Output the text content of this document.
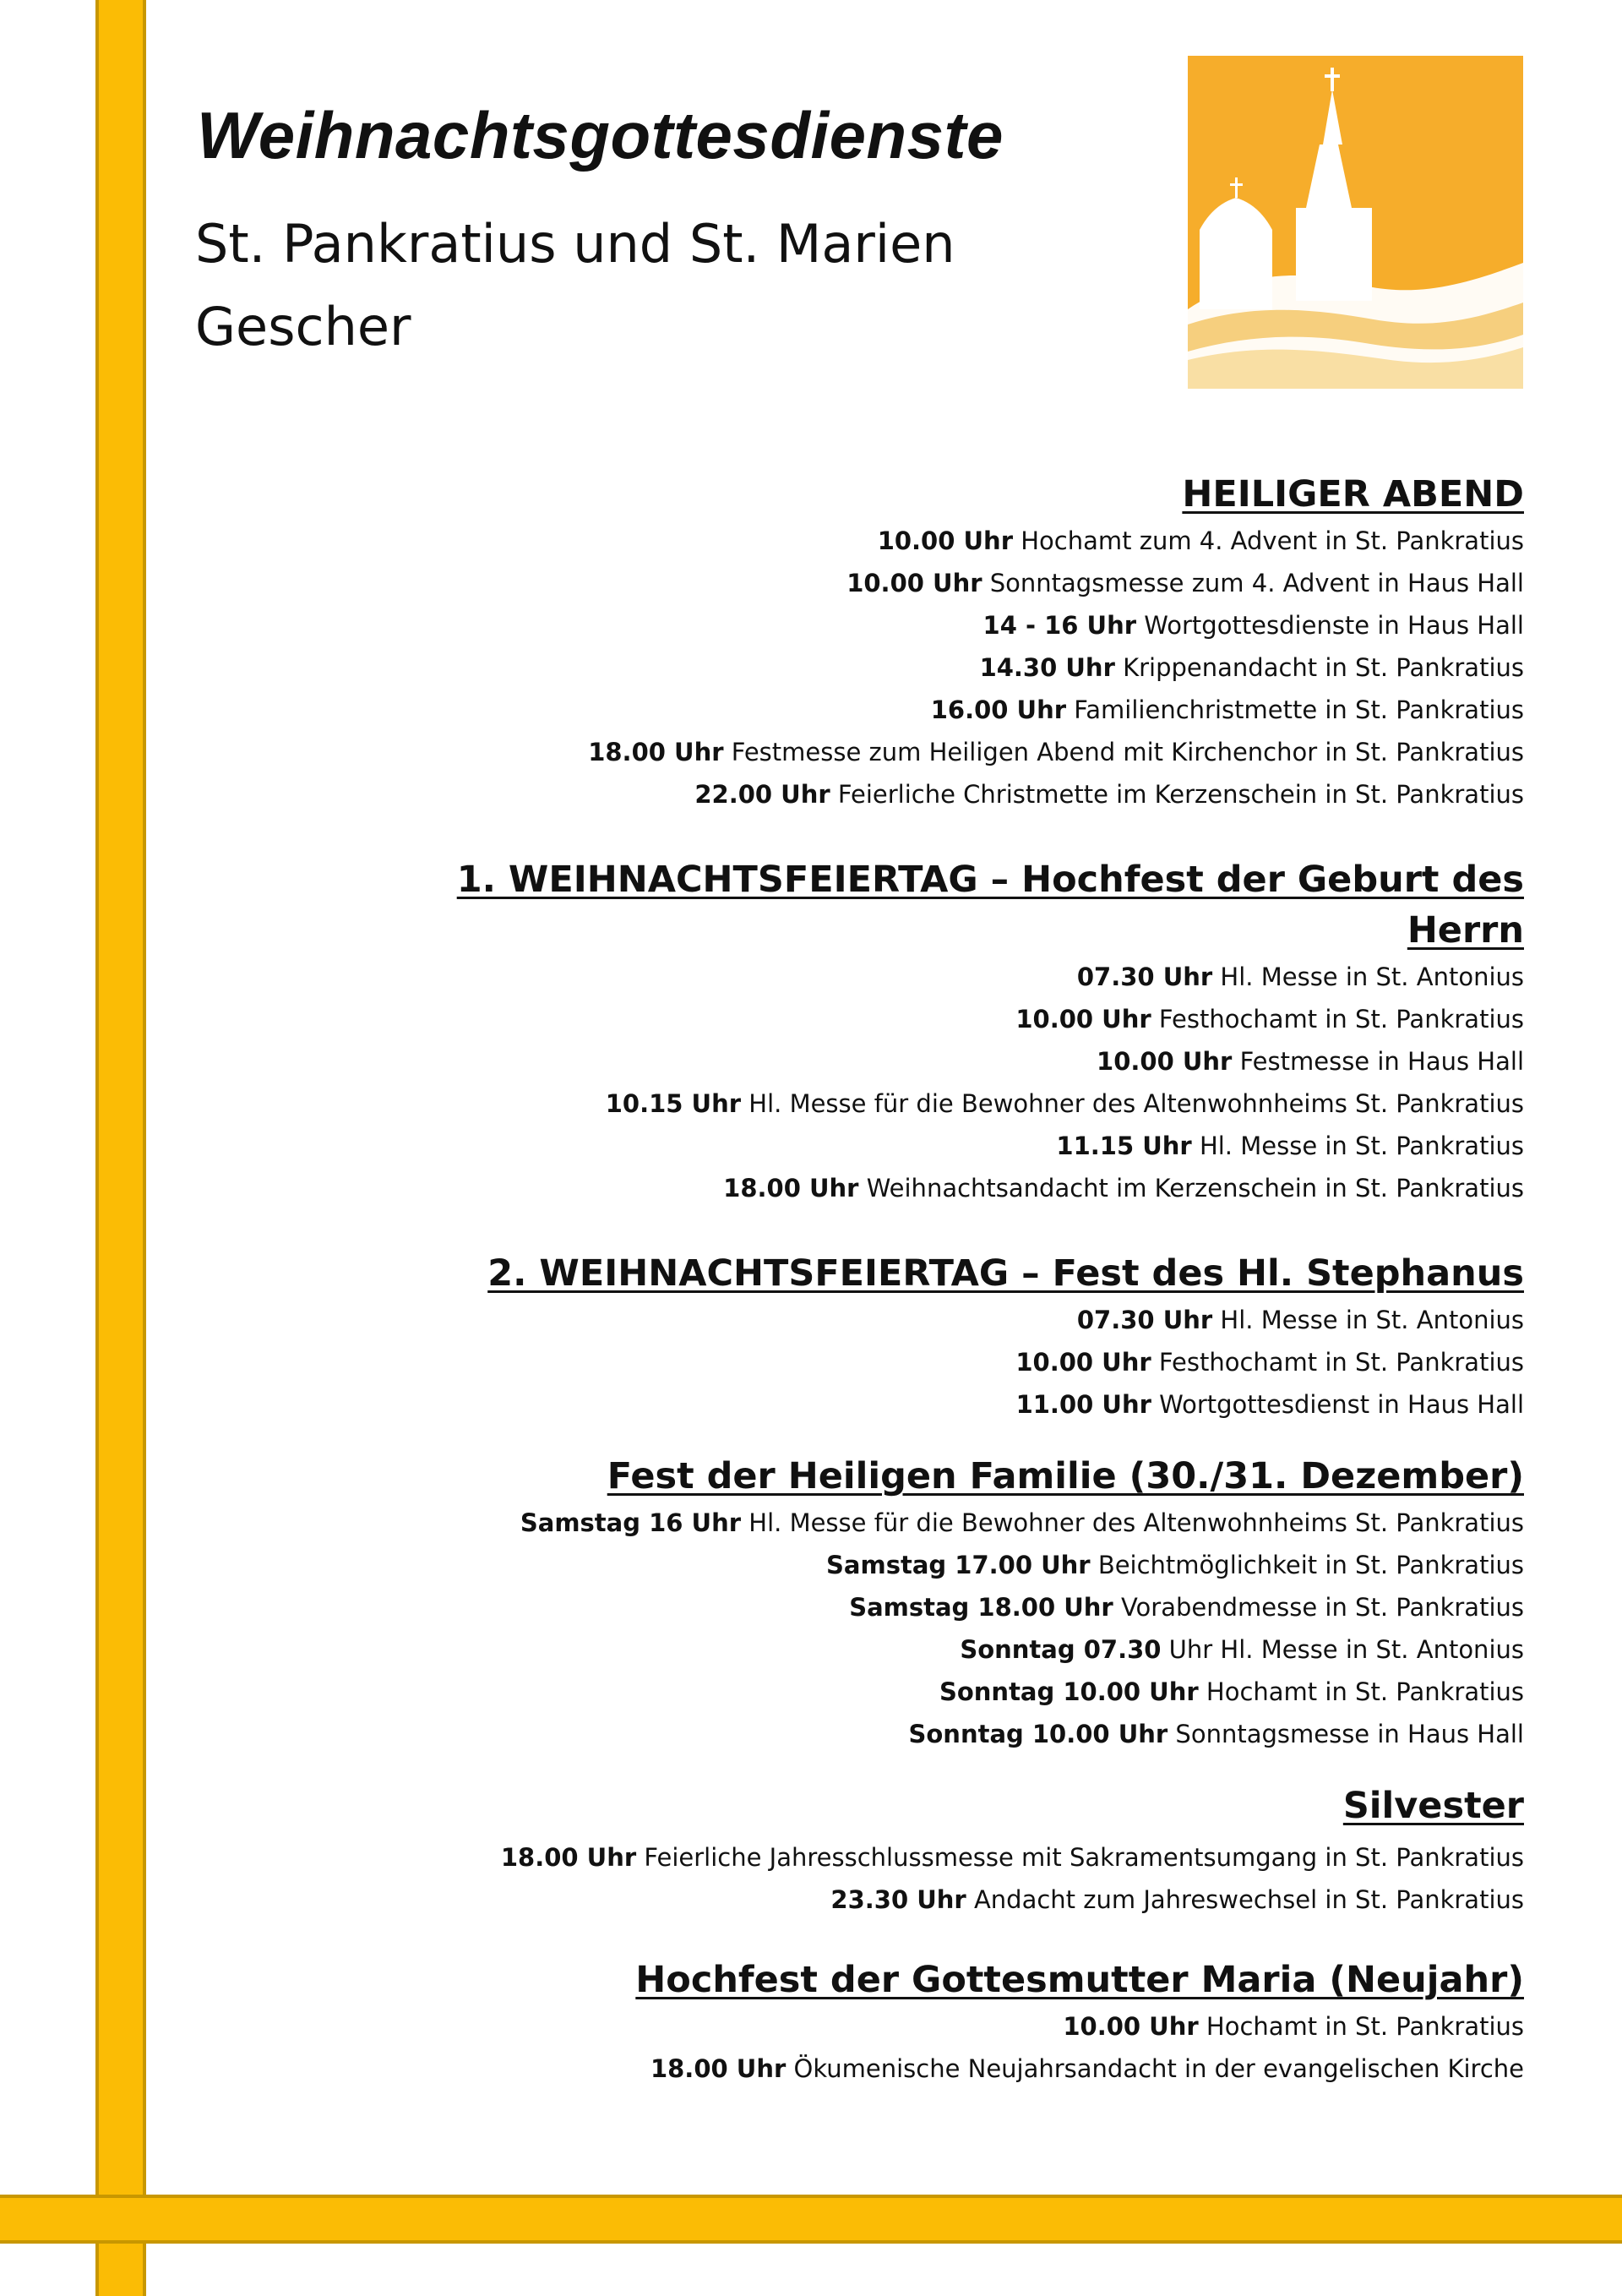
Weihnachtsgottesdienste

St. Pankratius und St. Marien

Gescher

HEILIGER ABEND

10.00 Uhr Hochamt zum 4. Advent in St. Pankratius

10.00 Uhr Sonntagsmesse zum 4. Advent in Haus Hall

14 - 16 Uhr Wortgottesdienste in Haus Hall

14.30 Uhr Krippenandacht in St. Pankratius

16.00 Uhr Familienchristmette in St. Pankratius

18.00 Uhr Festmesse zum Heiligen Abend mit Kirchenchor in St. Pankratius

22.00 Uhr Feierliche Christmette im Kerzenschein in St. Pankratius

1. WEIHNACHTSFEIERTAG – Hochfest der Geburt des Herrn

07.30 Uhr Hl. Messe in St. Antonius

10.00 Uhr Festhochamt in St. Pankratius

10.00 Uhr Festmesse in Haus Hall

10.15 Uhr Hl. Messe für die Bewohner des Altenwohnheims St. Pankratius

11.15 Uhr Hl. Messe in St. Pankratius

18.00 Uhr Weihnachtsandacht im Kerzenschein in St. Pankratius

2. WEIHNACHTSFEIERTAG – Fest des Hl. Stephanus

07.30 Uhr Hl. Messe in St. Antonius

10.00 Uhr Festhochamt in St. Pankratius

11.00 Uhr Wortgottesdienst in Haus Hall

Fest der Heiligen Familie (30./31. Dezember)

Samstag 16 Uhr Hl. Messe für die Bewohner des Altenwohnheims St. Pankratius

Samstag 17.00 Uhr Beichtmöglichkeit in St. Pankratius

Samstag 18.00 Uhr Vorabendmesse in St. Pankratius

Sonntag 07.30 Uhr Hl. Messe in St. Antonius

Sonntag 10.00 Uhr Hochamt in St. Pankratius

Sonntag 10.00 Uhr Sonntagsmesse in Haus Hall

Silvester

18.00 Uhr Feierliche Jahresschlussmesse mit Sakramentsumgang in St. Pankratius

23.30 Uhr Andacht zum Jahreswechsel in St. Pankratius

Hochfest der Gottesmutter Maria (Neujahr)

10.00 Uhr Hochamt in St. Pankratius

18.00 Uhr Ökumenische Neujahrsandacht in der evangelischen Kirche
